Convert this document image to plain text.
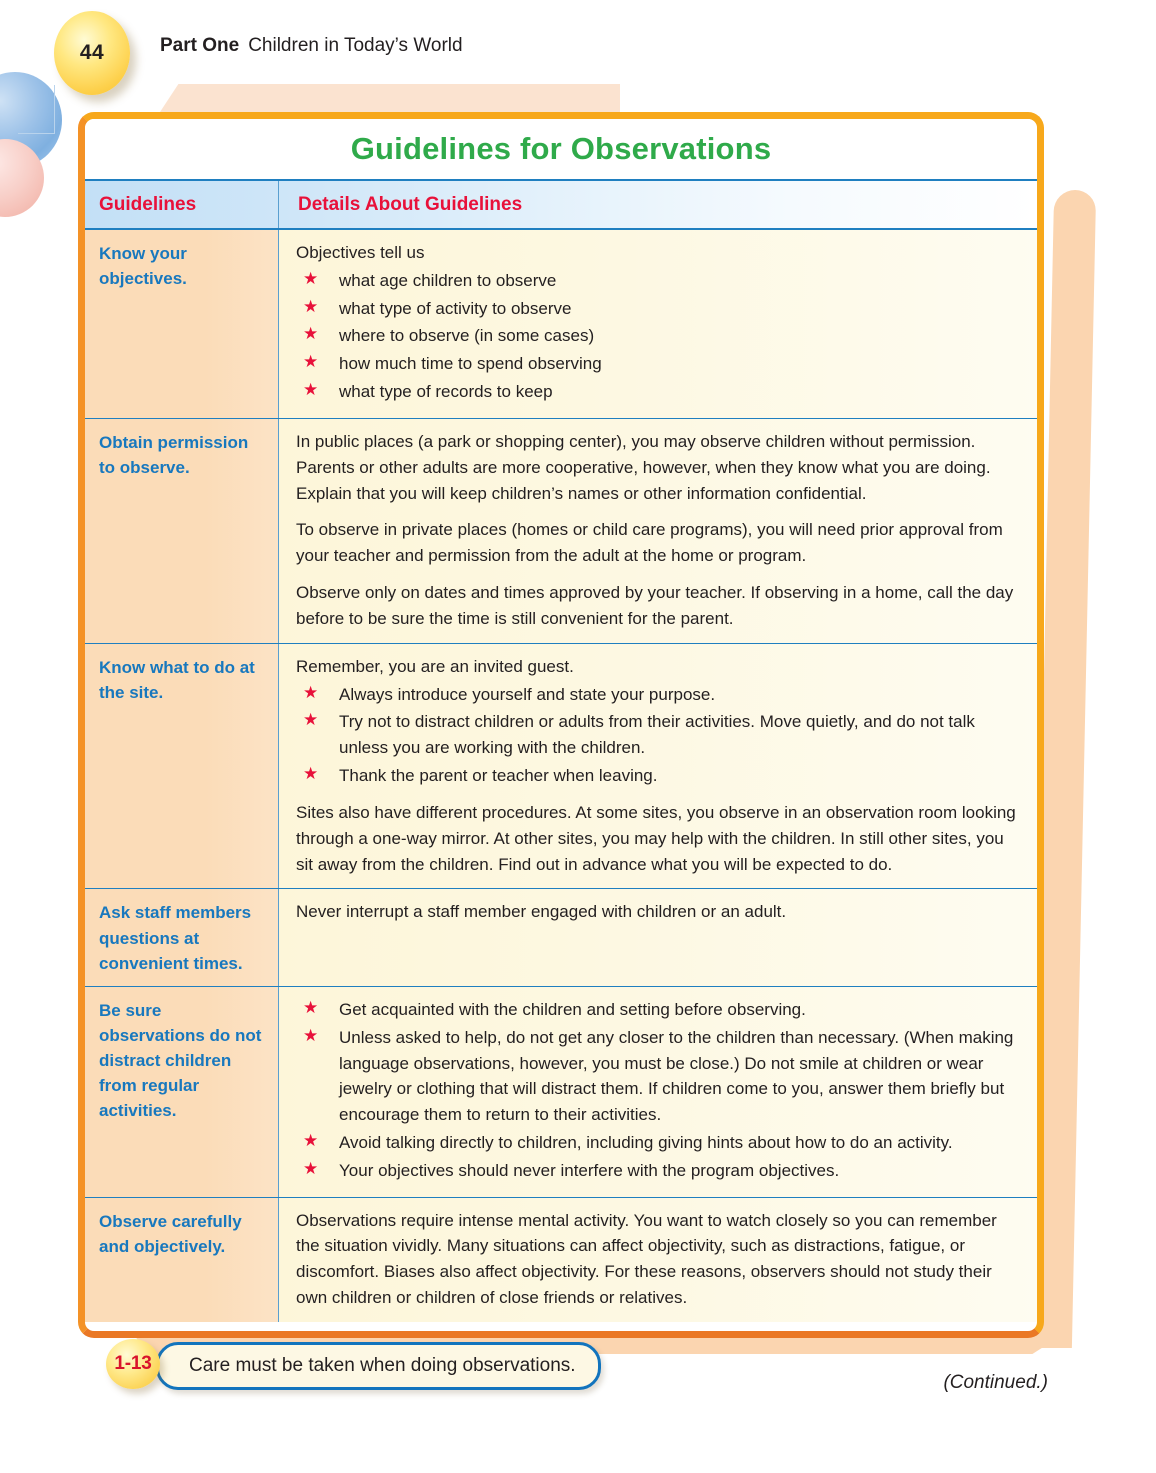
44	Part One Children in Today’s World
Guidelines for Observations
Guidelines	Details About Guidelines
Know your objectives.

Objectives tell us

★ what age children to observe
★ what type of activity to observe
★ where to observe (in some cases)
★ how much time to spend observing
★ what type of records to keep
Obtain permission to observe.

In public places (a park or shopping center), you may observe children without permission. Parents or other adults are more cooperative, however, when they know what you are doing. Explain that you will keep children’s names or other information confidential.

To observe in private places (homes or child care programs), you will need prior approval from your teacher and permission from the adult at the home or program.

Observe only on dates and times approved by your teacher. If observing in a home, call the day before to be sure the time is still convenient for the parent.

Know what to do at the site.

Remember, you are an invited guest.

★ Always introduce yourself and state your purpose.
★ Try not to distract children or adults from their activities. Move quietly, and do not talk unless you are working with the children.
★ Thank the parent or teacher when leaving.

Sites also have different procedures. At some sites, you observe in an observation room looking through a one-way mirror. At other sites, you may help with the children. In still other sites, you sit away from the children. Find out in advance what you will be expected to do.

Ask staff members questions at convenient times.

Never interrupt a staff member engaged with children or an adult.

Be sure observations do not distract children from regular activities.
★ Get acquainted with the children and setting before observing.
★ Unless asked to help, do not get any closer to the children than necessary. (When making language observations, however, you must be close.) Do not smile at children or wear jewelry or clothing that will distract them. If children come to you, answer them briefly but encourage them to return to their activities.
★ Avoid talking directly to children, including giving hints about how to do an activity.
★ Your objectives should never interfere with the program objectives.
Observe carefully and objectively.

Observations require intense mental activity. You want to watch closely so you can remember the situation vividly. Many situations can affect objectivity, such as distractions, fatigue, or discomfort. Biases also affect objectivity. For these reasons, observers should not study their own children or children of close friends or relatives.

Care must be taken when doing observations.
1-13
(Continued.)
